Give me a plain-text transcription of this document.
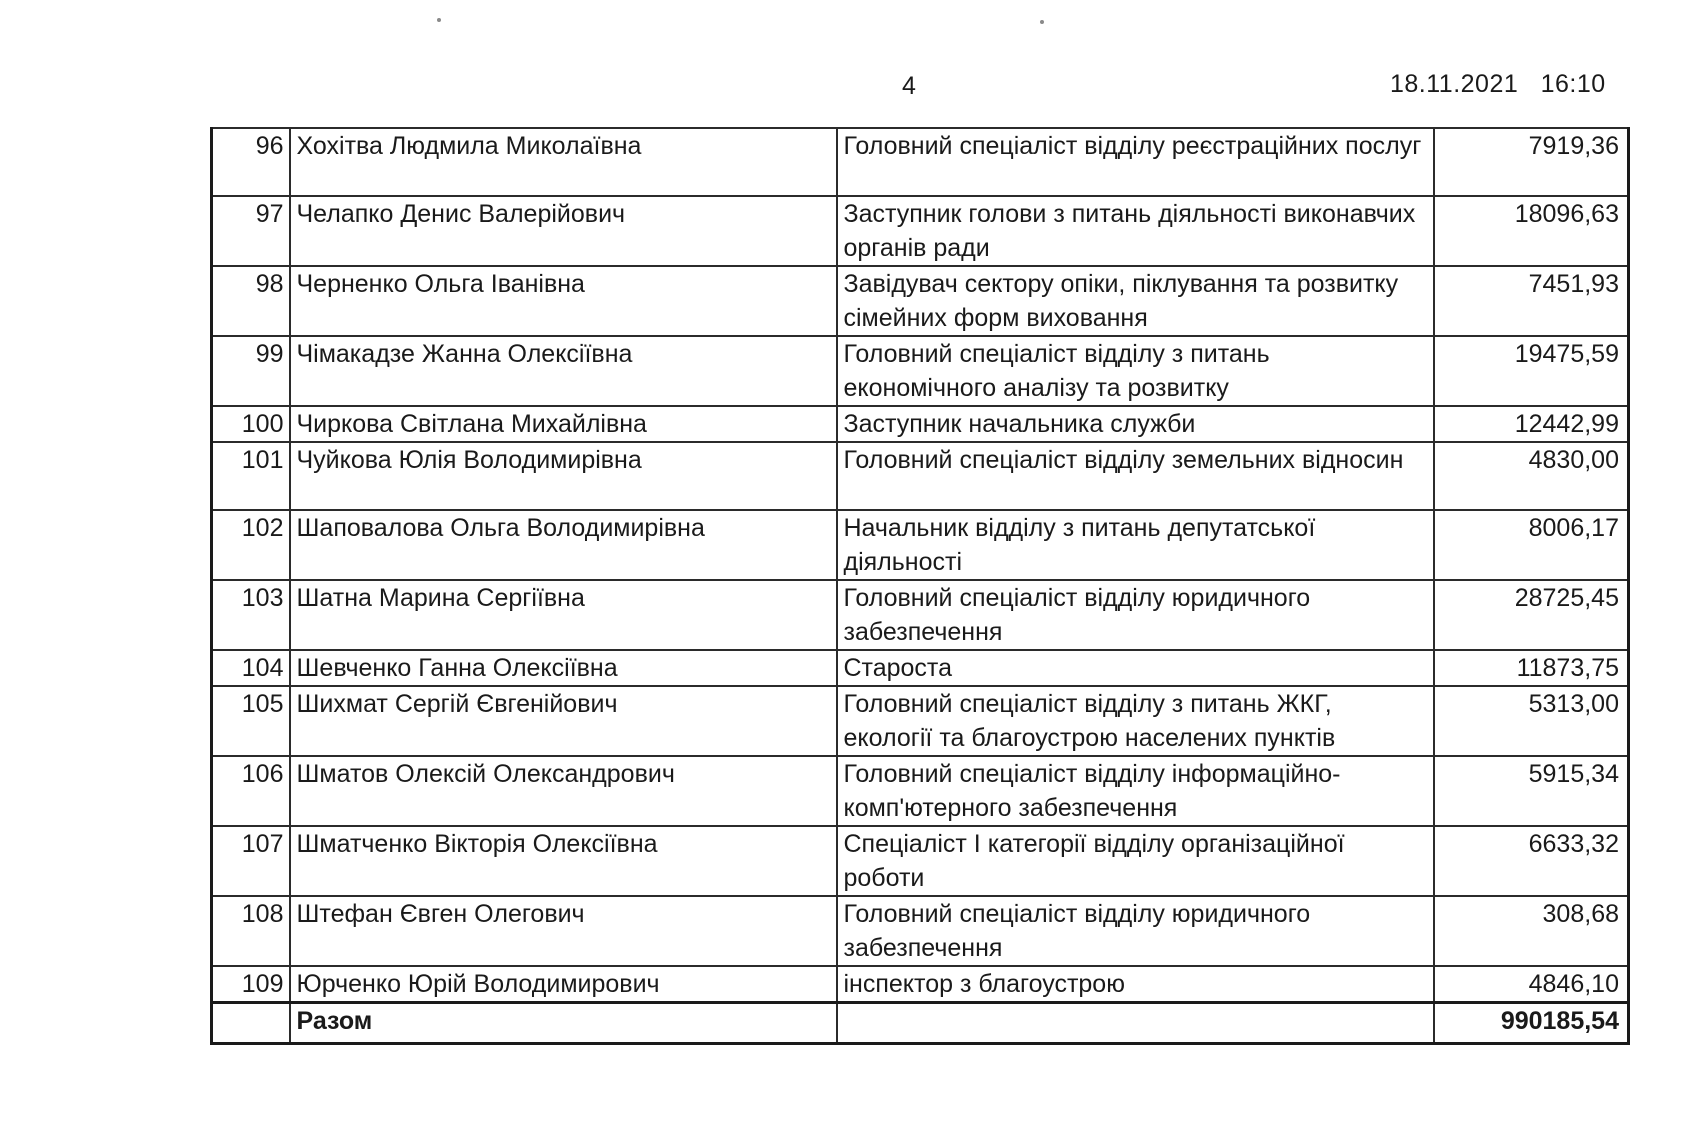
4	18.11.2021   16:10
96	Хохітва Людмила Миколаївна	Головний спеціаліст відділу реєстраційних послуг	7919,36
97	Челапко Денис Валерійович	Заступник голови з питань діяльності виконавчих органів ради	18096,63
98	Черненко Ольга Іванівна	Завідувач сектору опіки, піклування та розвитку сімейних форм виховання	7451,93
99	Чімакадзе Жанна Олексіївна	Головний спеціаліст відділу з питань економічного аналізу та розвитку	19475,59
100	Чиркова Світлана Михайлівна	Заступник начальника служби	12442,99
101	Чуйкова Юлія Володимирівна	Головний спеціаліст відділу земельних відносин	4830,00
102	Шаповалова Ольга Володимирівна	Начальник відділу з питань депутатської діяльності	8006,17
103	Шатна Марина Сергіївна	Головний спеціаліст відділу юридичного забезпечення	28725,45
104	Шевченко Ганна Олексіївна	Староста	11873,75
105	Шихмат Сергій Євгенійович	Головний спеціаліст відділу з питань ЖКГ, екології та благоустрою населених пунктів	5313,00
106	Шматов Олексій Олександрович	Головний спеціаліст відділу інформаційно-комп'ютерного забезпечення	5915,34
107	Шматченко Вікторія Олексіївна	Спеціаліст І категорії відділу організаційної роботи	6633,32
108	Штефан Євген Олегович	Головний спеціаліст відділу юридичного забезпечення	308,68
109	Юрченко Юрій Володимирович	інспектор з благоустрою	4846,10
	Разом		990185,54
